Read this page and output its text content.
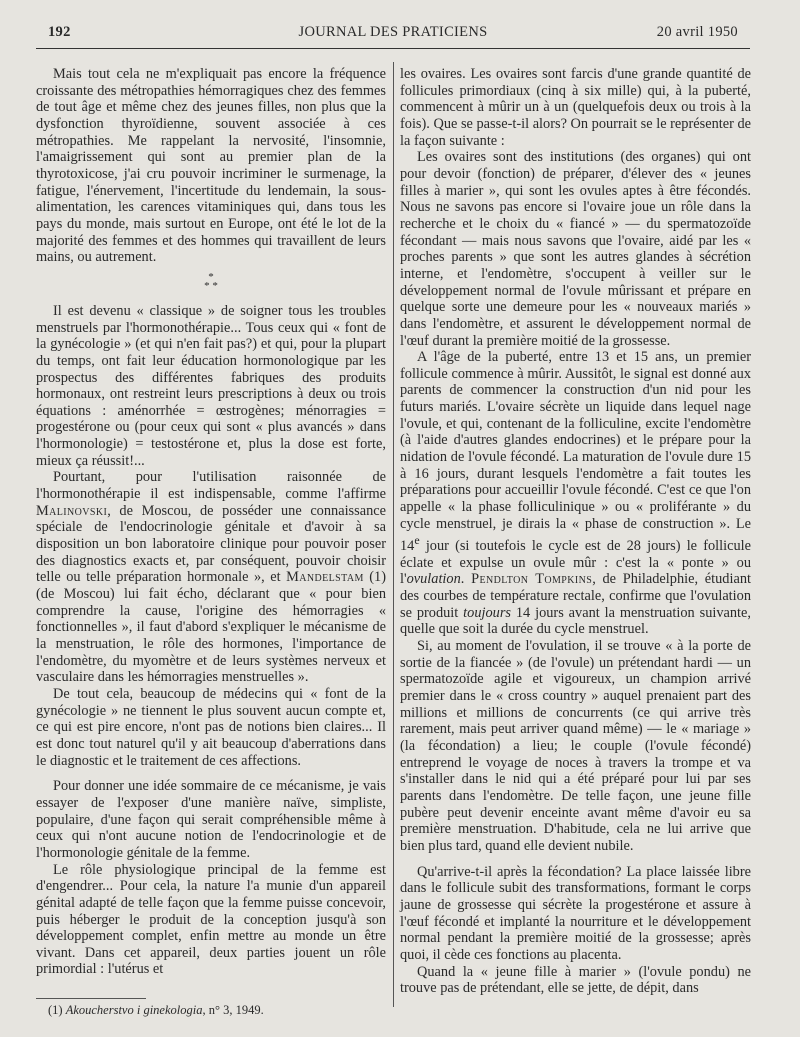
192	JOURNAL DES PRATICIENS	20 avril 1950

Mais tout cela ne m'expliquait pas encore la fréquence croissante des métropathies hémorragiques chez des femmes de tout âge et même chez des jeunes filles, non plus que la dysfonction thyroïdienne, souvent associée à ces métropathies. Me rappelant la nervosité, l'insomnie, l'amaigrissement qui sont au premier plan de la thyrotoxicose, j'ai cru pouvoir incriminer le surmenage, la fatigue, l'énervement, l'incertitude du lendemain, la sous-alimentation, les carences vitaminiques qui, dans tous les pays du monde, mais surtout en Europe, ont été le lot de la majorité des femmes et des hommes qui travaillent de leurs mains, ou autrement.

*
* *

Il est devenu « classique » de soigner tous les troubles menstruels par l'hormonothérapie... Tous ceux qui « font de la gynécologie » (et qui n'en fait pas?) et qui, pour la plupart du temps, ont fait leur éducation hormonologique par les prospectus des différentes fabriques des produits hormonaux, ont restreint leurs prescriptions à deux ou trois équations : aménorrhée = œstrogènes; ménorragies = progestérone ou (pour ceux qui sont « plus avancés » dans l'hormonologie) = testostérone et, plus la dose est forte, mieux ça réussit!...

Pourtant, pour l'utilisation raisonnée de l'hormonothérapie il est indispensable, comme l'affirme Malinovski, de Moscou, de posséder une connaissance spéciale de l'endocrinologie génitale et d'avoir à sa disposition un bon laboratoire clinique pour pouvoir poser des diagnostics exacts et, par conséquent, pouvoir choisir telle ou telle préparation hormonale », et Mandelstam (1) (de Moscou) lui fait écho, déclarant que « pour bien comprendre la cause, l'origine des hémorragies « fonctionnelles », il faut d'abord s'expliquer le mécanisme de la menstruation, le rôle des hormones, l'importance de l'endomètre, du myomètre et de leurs systèmes nerveux et vasculaire dans les hémorragies menstruelles ».

De tout cela, beaucoup de médecins qui « font de la gynécologie » ne tiennent le plus souvent aucun compte et, ce qui est pire encore, n'ont pas de notions bien claires... Il est donc tout naturel qu'il y ait beaucoup d'aberrations dans le diagnostic et le traitement de ces affections.

Pour donner une idée sommaire de ce mécanisme, je vais essayer de l'exposer d'une manière naïve, simpliste, populaire, d'une façon qui serait compréhensible même à ceux qui n'ont aucune notion de l'endocrinologie et de l'hormonologie génitale de la femme.

Le rôle physiologique principal de la femme est d'engendrer... Pour cela, la nature l'a munie d'un appareil génital adapté de telle façon que la femme puisse concevoir, puis héberger le produit de la conception jusqu'à son développement complet, enfin mettre au monde un être vivant. Dans cet appareil, deux parties jouent un rôle primordial : l'utérus et

(1) Akoucherstvo i ginekologia, n° 3, 1949.

les ovaires. Les ovaires sont farcis d'une grande quantité de follicules primordiaux (cinq à six mille) qui, à la puberté, commencent à mûrir un à un (quelquefois deux ou trois à la fois). Que se passe-t-il alors? On pourrait se le représenter de la façon suivante :

Les ovaires sont des institutions (des organes) qui ont pour devoir (fonction) de préparer, d'élever des « jeunes filles à marier », qui sont les ovules aptes à être fécondés. Nous ne savons pas encore si l'ovaire joue un rôle dans la recherche et le choix du « fiancé » — du spermatozoïde fécondant — mais nous savons que l'ovaire, aidé par les « proches parents » que sont les autres glandes à sécrétion interne, et l'endomètre, s'occupent à veiller sur le développement normal de l'ovule mûrissant et prépare en quelque sorte une demeure pour les « nouveaux mariés » dans l'endomètre, et assurent le développement normal de l'œuf durant la première moitié de la grossesse.

A l'âge de la puberté, entre 13 et 15 ans, un premier follicule commence à mûrir. Aussitôt, le signal est donné aux parents de commencer la construction d'un nid pour les futurs mariés. L'ovaire sécrète un liquide dans lequel nage l'ovule, et qui, contenant de la folliculine, excite l'endomètre (à l'aide d'autres glandes endocrines) et le prépare pour la nidation de l'ovule fécondé. La maturation de l'ovule dure 15 à 16 jours, durant lesquels l'endomètre a fait toutes les préparations pour accueillir l'ovule fécondé. C'est ce que l'on appelle « la phase folliculinique » ou « proliférante » du cycle menstruel, je dirais la « phase de construction ». Le 14e jour (si toutefois le cycle est de 28 jours) le follicule éclate et expulse un ovule mûr : c'est la « ponte » ou l'ovulation. Pendlton Tompkins, de Philadelphie, étudiant des courbes de température rectale, confirme que l'ovulation se produit toujours 14 jours avant la menstruation suivante, quelle que soit la durée du cycle menstruel.

Si, au moment de l'ovulation, il se trouve « à la porte de sortie de la fiancée » (de l'ovule) un prétendant hardi — un spermatozoïde agile et vigoureux, un champion arrivé premier dans le « cross country » auquel prenaient part des millions et millions de concurrents (ce qui arrive très rarement, mais peut arriver quand même) — le « mariage » (la fécondation) a lieu; le couple (l'ovule fécondé) entreprend le voyage de noces à travers la trompe et va s'installer dans le nid qui a été préparé pour lui par ses parents dans l'endomètre. De telle façon, une jeune fille pubère peut devenir enceinte avant même d'avoir eu sa première menstruation. D'habitude, cela ne lui arrive que bien plus tard, quand elle devient nubile.

Qu'arrive-t-il après la fécondation? La place laissée libre dans le follicule subit des transformations, formant le corps jaune de grossesse qui sécrète la progestérone et assure à l'œuf fécondé et implanté la nourriture et le développement normal pendant la première moitié de la grossesse; après quoi, il cède ces fonctions au placenta.

Quand la « jeune fille à marier » (l'ovule pondu) ne trouve pas de prétendant, elle se jette, de dépit, dans
